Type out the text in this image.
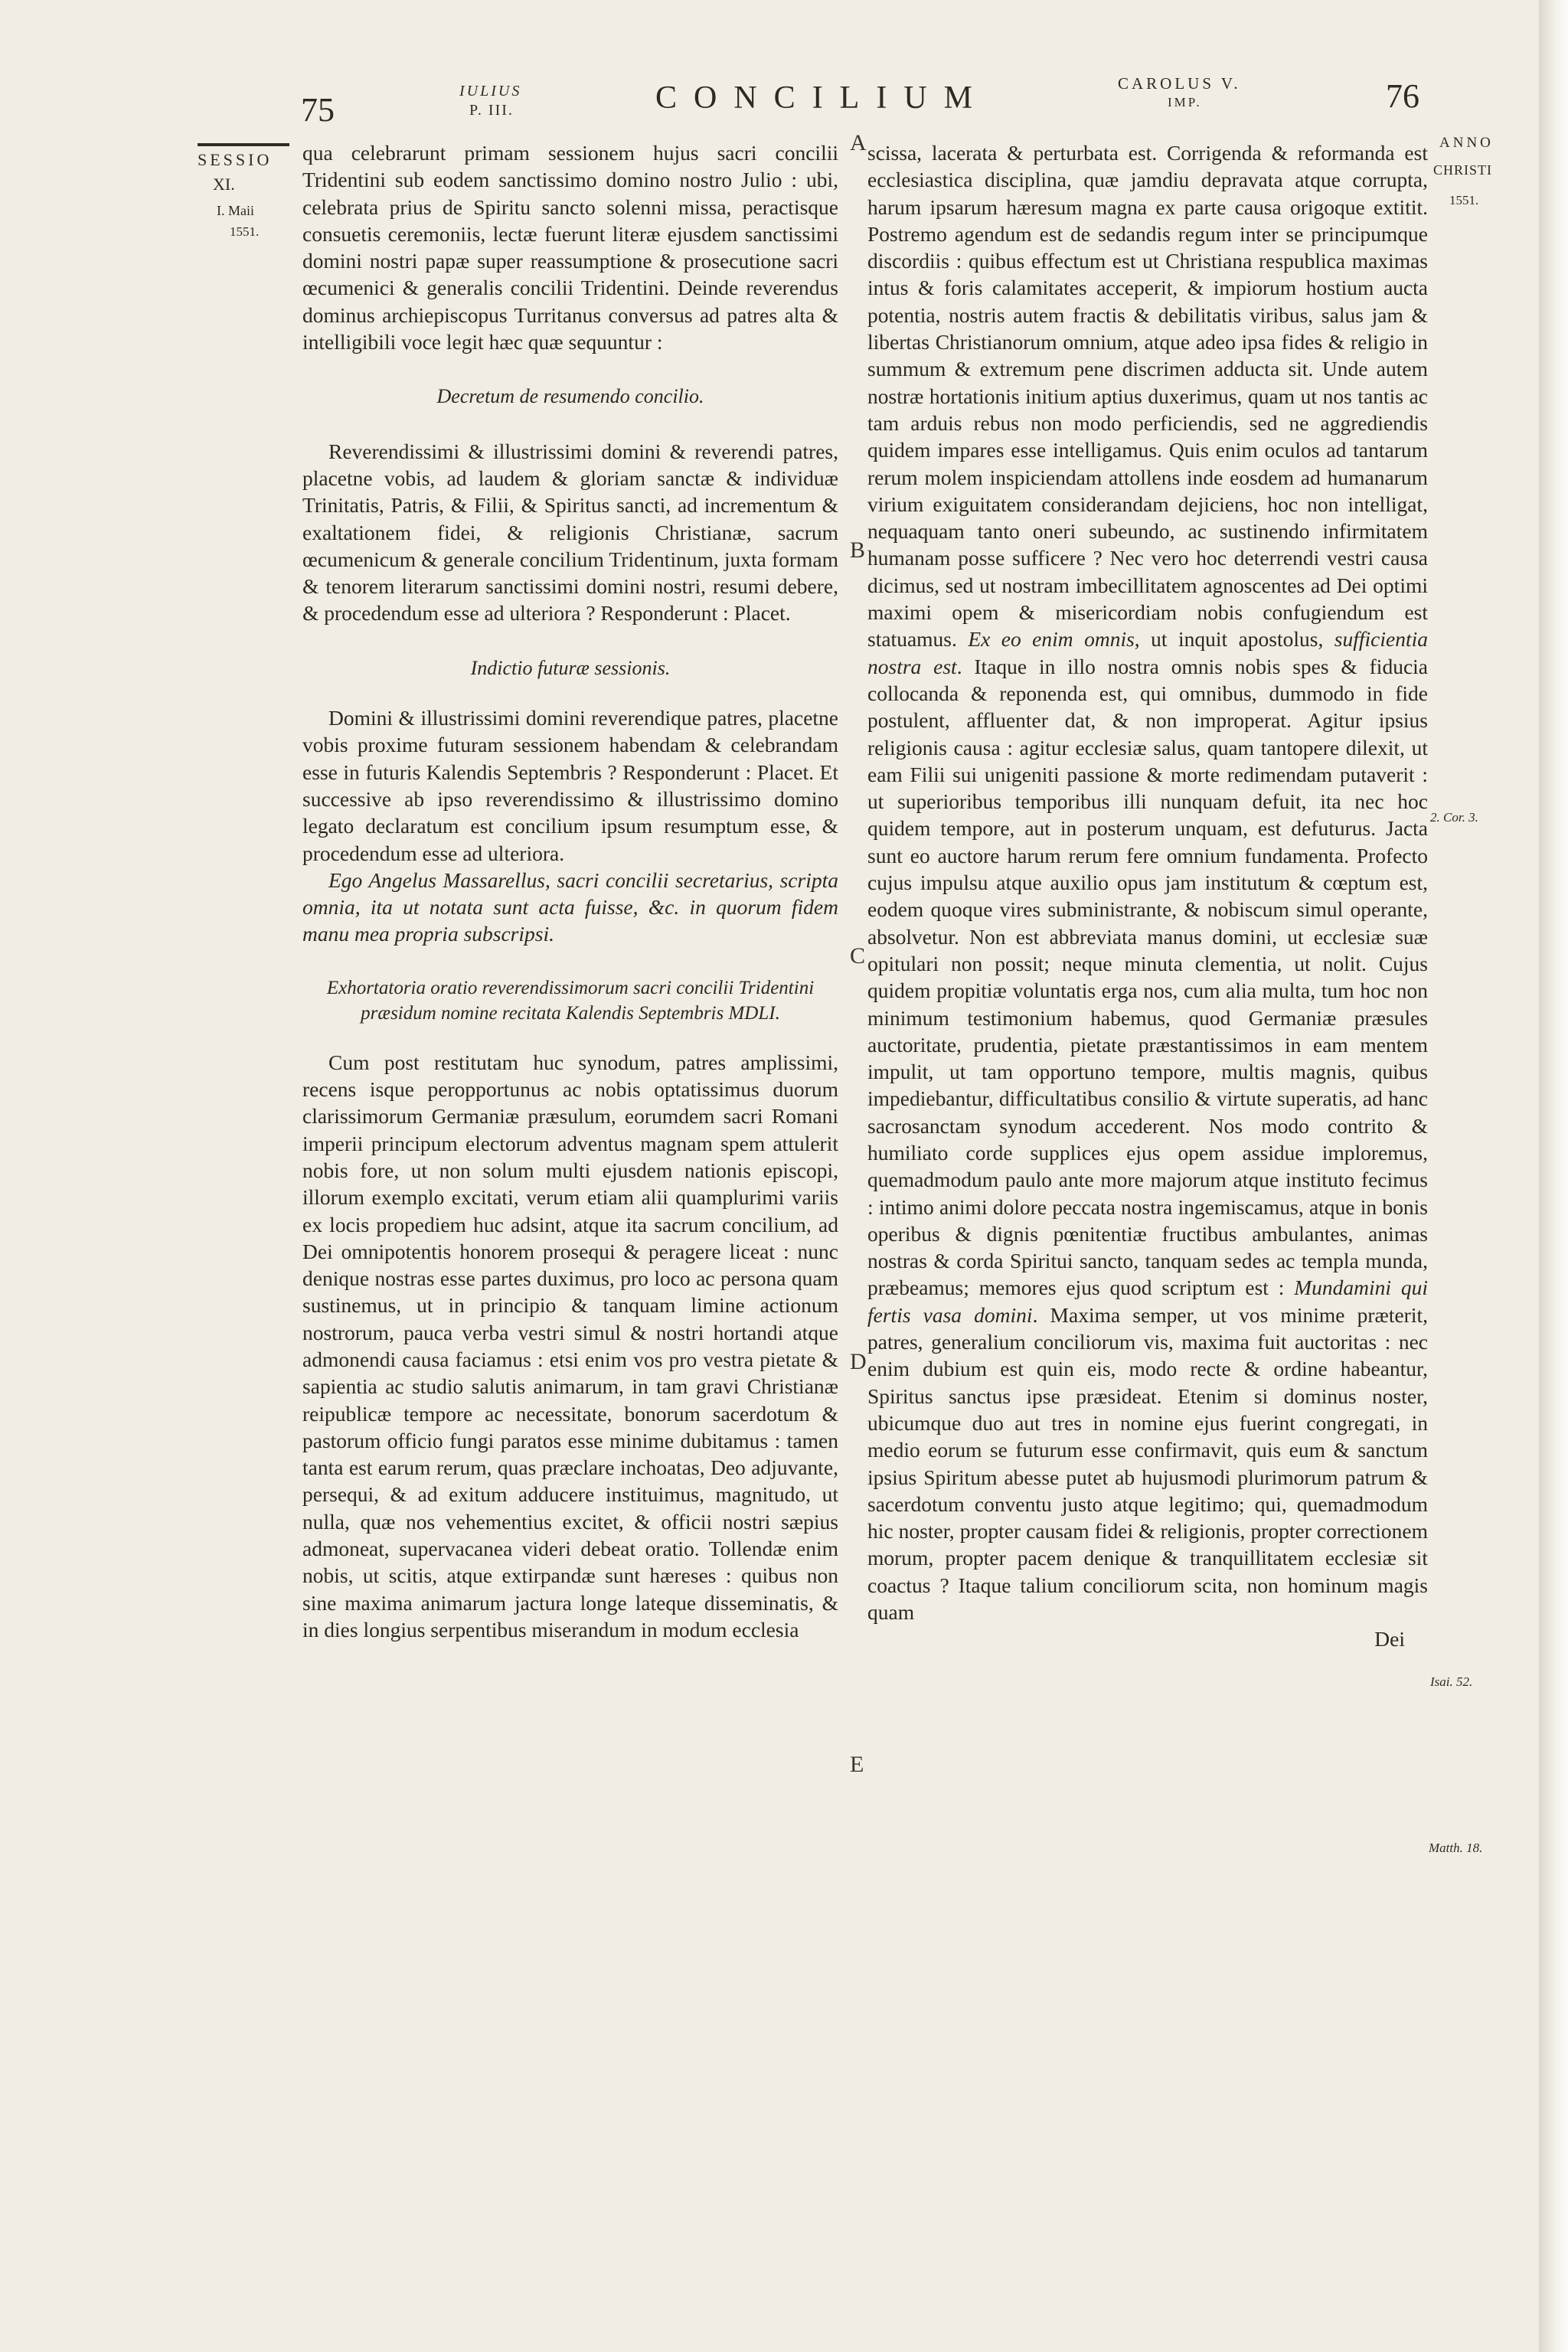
75	IULIUS
P. III.	CONCILIUM	CAROLUS V.
IMP.	76
SESSIO
XI.
I. Maii
1551.
ANNO
CHRISTI
1551.
2. Cor. 3.
Isai. 52.
Matth. 18.
A
B
C
D
E

qua celebrarunt primam sessionem hujus sacri concilii Tridentini sub eodem sanctissimo domino nostro Julio : ubi, celebrata prius de Spiritu sancto solenni missa, peractisque consuetis ceremoniis, lectæ fuerunt literæ ejusdem sanctissimi domini nostri papæ super reassumptione & prosecutione sacri œcumenici & generalis concilii Tridentini. Deinde reverendus dominus archiepiscopus Turritanus conversus ad patres alta & intelligibili voce legit hæc quæ sequuntur :

Decretum de resumendo concilio.

Reverendissimi & illustrissimi domini & reverendi patres, placetne vobis, ad laudem & gloriam sanctæ & individuæ Trinitatis, Patris, & Filii, & Spiritus sancti, ad incrementum & exaltationem fidei, & religionis Christianæ, sacrum œcumenicum & generale concilium Tridentinum, juxta formam & tenorem literarum sanctissimi domini nostri, resumi debere, & procedendum esse ad ulteriora ? Responderunt : Placet.

Indictio futuræ sessionis.

Domini & illustrissimi domini reverendique patres, placetne vobis proxime futuram sessionem habendam & celebrandam esse in futuris Kalendis Septembris ? Responderunt : Placet. Et successive ab ipso reverendissimo & illustrissimo domino legato declaratum est concilium ipsum resumptum esse, & procedendum esse ad ulteriora.

Ego Angelus Massarellus, sacri concilii secretarius, scripta omnia, ita ut notata sunt acta fuisse, &c. in quorum fidem manu mea propria subscripsi.

Exhortatoria oratio reverendissimorum sacri concilii Tridentini præsidum nomine recitata Kalendis Septembris MDLI.

Cum post restitutam huc synodum, patres amplissimi, recens isque peropportunus ac nobis optatissimus duorum clarissimorum Germaniæ præsulum, eorumdem sacri Romani imperii principum electorum adventus magnam spem attulerit nobis fore, ut non solum multi ejusdem nationis episcopi, illorum exemplo excitati, verum etiam alii quamplurimi variis ex locis propediem huc adsint, atque ita sacrum concilium, ad Dei omnipotentis honorem prosequi & peragere liceat : nunc denique nostras esse partes duximus, pro loco ac persona quam sustinemus, ut in principio & tanquam limine actionum nostrorum, pauca verba vestri simul & nostri hortandi atque admonendi causa faciamus : etsi enim vos pro vestra pietate & sapientia ac studio salutis animarum, in tam gravi Christianæ reipublicæ tempore ac necessitate, bonorum sacerdotum & pastorum officio fungi paratos esse minime dubitamus : tamen tanta est earum rerum, quas præclare inchoatas, Deo adjuvante, persequi, & ad exitum adducere instituimus, magnitudo, ut nulla, quæ nos vehementius excitet, & officii nostri sæpius admoneat, supervacanea videri debeat oratio. Tollendæ enim nobis, ut scitis, atque extirpandæ sunt hæreses : quibus non sine maxima animarum jactura longe lateque disseminatis, & in dies longius serpentibus miserandum in modum ecclesia

scissa, lacerata & perturbata est. Corrigenda & reformanda est ecclesiastica disciplina, quæ jamdiu depravata atque corrupta, harum ipsarum hæresum magna ex parte causa origoque extitit. Postremo agendum est de sedandis regum inter se principumque discordiis : quibus effectum est ut Christiana respublica maximas intus & foris calamitates acceperit, & impiorum hostium aucta potentia, nostris autem fractis & debilitatis viribus, salus jam & libertas Christianorum omnium, atque adeo ipsa fides & religio in summum & extremum pene discrimen adducta sit. Unde autem nostræ hortationis initium aptius duxerimus, quam ut nos tantis ac tam arduis rebus non modo perficiendis, sed ne aggrediendis quidem impares esse intelligamus. Quis enim oculos ad tantarum rerum molem inspiciendam attollens inde eosdem ad humanarum virium exiguitatem considerandam dejiciens, hoc non intelligat, nequaquam tanto oneri subeundo, ac sustinendo infirmitatem humanam posse sufficere ? Nec vero hoc deterrendi vestri causa dicimus, sed ut nostram imbecillitatem agnoscentes ad Dei optimi maximi opem & misericordiam nobis confugiendum est statuamus. Ex eo enim omnis, ut inquit apostolus, sufficientia nostra est. Itaque in illo nostra omnis nobis spes & fiducia collocanda & reponenda est, qui omnibus, dummodo in fide postulent, affluenter dat, & non improperat. Agitur ipsius religionis causa : agitur ecclesiæ salus, quam tantopere dilexit, ut eam Filii sui unigeniti passione & morte redimendam putaverit : ut superioribus temporibus illi nunquam defuit, ita nec hoc quidem tempore, aut in posterum unquam, est defuturus. Jacta sunt eo auctore harum rerum fere omnium fundamenta. Profecto cujus impulsu atque auxilio opus jam institutum & cœptum est, eodem quoque vires subministrante, & nobiscum simul operante, absolvetur. Non est abbreviata manus domini, ut ecclesiæ suæ opitulari non possit; neque minuta clementia, ut nolit. Cujus quidem propitiæ voluntatis erga nos, cum alia multa, tum hoc non minimum testimonium habemus, quod Germaniæ præsules auctoritate, prudentia, pietate præstantissimos in eam mentem impulit, ut tam opportuno tempore, multis magnis, quibus impediebantur, difficultatibus consilio & virtute superatis, ad hanc sacrosanctam synodum accederent. Nos modo contrito & humiliato corde supplices ejus opem assidue imploremus, quemadmodum paulo ante more majorum atque instituto fecimus : intimo animi dolore peccata nostra ingemiscamus, atque in bonis operibus & dignis pœnitentiæ fructibus ambulantes, animas nostras & corda Spiritui sancto, tanquam sedes ac templa munda, præbeamus; memores ejus quod scriptum est : Mundamini qui fertis vasa domini. Maxima semper, ut vos minime præterit, patres, generalium conciliorum vis, maxima fuit auctoritas : nec enim dubium est quin eis, modo recte & ordine habeantur, Spiritus sanctus ipse præsideat. Etenim si dominus noster, ubicumque duo aut tres in nomine ejus fuerint congregati, in medio eorum se futurum esse confirmavit, quis eum & sanctum ipsius Spiritum abesse putet ab hujusmodi plurimorum patrum & sacerdotum conventu justo atque legitimo; qui, quemadmodum hic noster, propter causam fidei & religionis, propter correctionem morum, propter pacem denique & tranquillitatem ecclesiæ sit coactus ? Itaque talium conciliorum scita, non hominum magis quam

Dei
